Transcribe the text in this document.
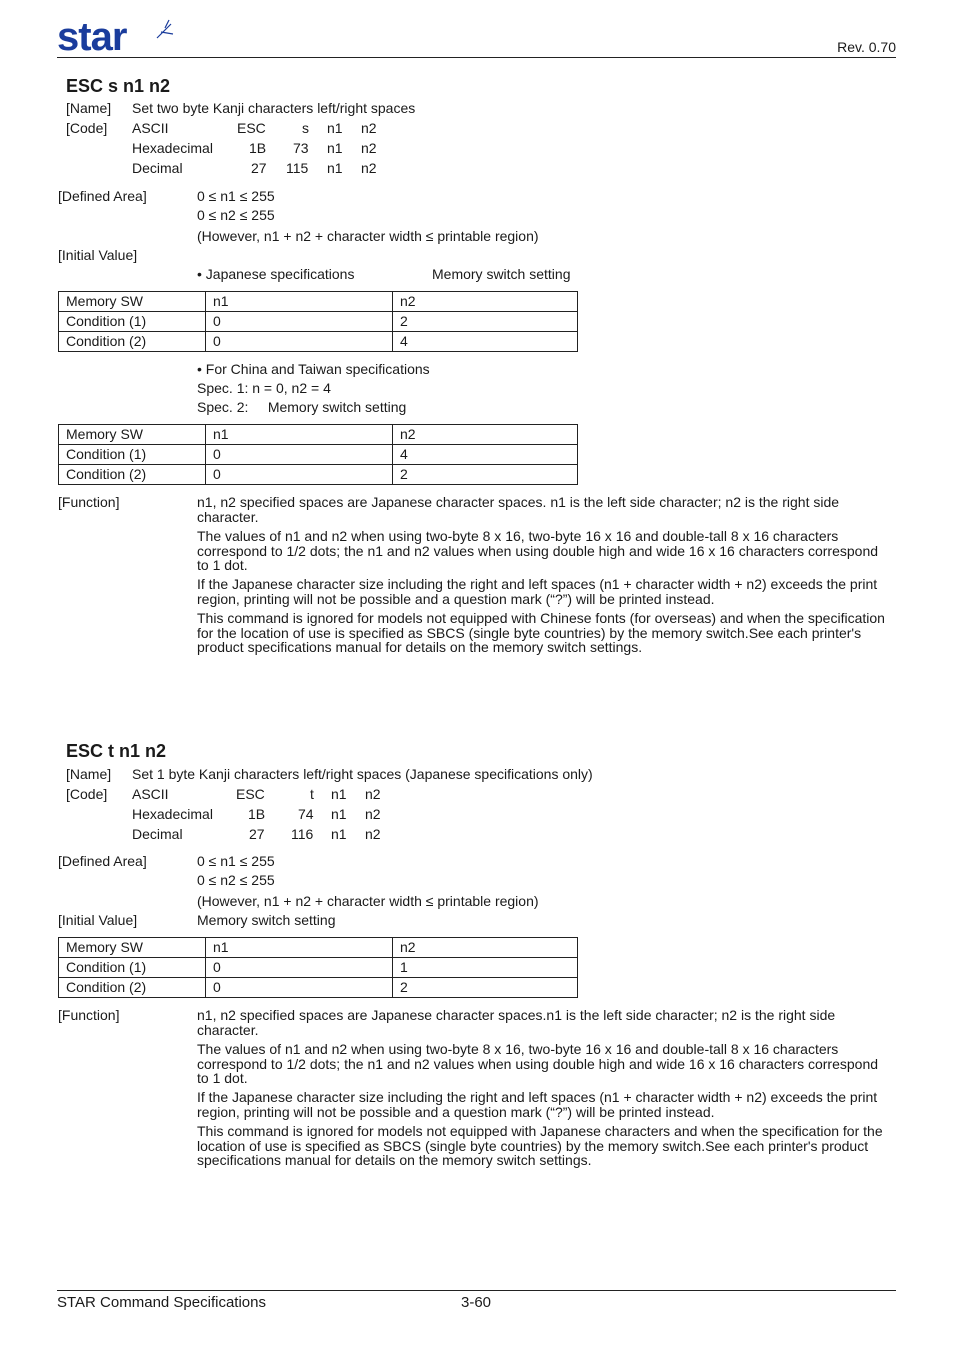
star	Rev. 0.70
ESC s n1 n2
[Name] Set two byte Kanji characters left/right spaces
[Code] ASCII	ESC	s n1 n2
Hexadecimal	1B 73 n1 n2
Decimal	27 115 n1 n2
[Defined Area]	0 ≤ n1 ≤ 255
0 ≤ n2 ≤ 255
(However, n1 + n2 + character width ≤ printable region)
[Initial Value]
• Japanese specifications	Memory switch setting
Memory SW	n1	n2
Condition (1)	0	2
Condition (2)	0	4
• For China and Taiwan specifications
Spec. 1: n = 0, n2 = 4
Spec. 2:     Memory switch setting
Memory SW	n1	n2
Condition (1)	0	4
Condition (2)	0	2
[Function]	n1, n2 specified spaces are Japanese character spaces. n1 is the left side character; n2 is the right side character.
The values of n1 and n2 when using two-byte 8 x 16, two-byte 16 x 16 and double-tall 8 x 16 characters correspond to 1/2 dots; the n1 and n2 values when using double high and wide 16 x 16 characters correspond to 1 dot.
If the Japanese character size including the right and left spaces (n1 + character width + n2) exceeds the print region, printing will not be possible and a question mark (“?”) will be printed instead.
This command is ignored for models not equipped with Chinese fonts (for overseas) and when the specification for the location of use is specified as SBCS (single byte countries) by the memory switch.See each printer's product specifications manual for details on the memory switch settings.
ESC t n1 n2
[Name] Set 1 byte Kanji characters left/right spaces (Japanese specifications only)
[Code] ASCII	ESC	t n1 n2
Hexadecimal	1B 74 n1 n2
Decimal	27 116 n1 n2
[Defined Area]	0 ≤ n1 ≤ 255
0 ≤ n2 ≤ 255
(However, n1 + n2 + character width ≤ printable region)
[Initial Value]	Memory switch setting
Memory SW	n1	n2
Condition (1)	0	1
Condition (2)	0	2
[Function]	n1, n2 specified spaces are Japanese character spaces.n1 is the left side character; n2 is the right side character.
The values of n1 and n2 when using two-byte 8 x 16, two-byte 16 x 16 and double-tall 8 x 16 characters correspond to 1/2 dots; the n1 and n2 values when using double high and wide 16 x 16 characters correspond to 1 dot.
If the Japanese character size including the right and left spaces (n1 + character width + n2) exceeds the print region, printing will not be possible and a question mark (“?”) will be printed instead.
This command is ignored for models not equipped with Japanese characters and when the specification for the location of use is specified as SBCS (single byte countries) by the memory switch.See each printer's product specifications manual for details on the memory switch settings.
STAR Command Specifications	3-60
